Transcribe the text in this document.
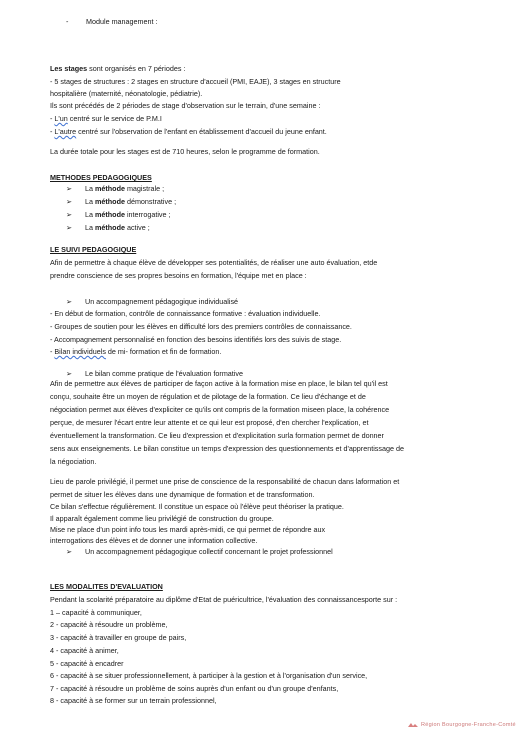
- Module management :
Les stages sont organisés en 7 périodes :
- 5 stages de structures : 2 stages en structure d'accueil (PMI, EAJE), 3 stages en structure
hospitalière (maternité, néonatologie, pédiatrie).
Ils sont précédés de 2 périodes de stage d'observation sur le terrain, d'une semaine :
- L'un centré sur le service de P.M.I
- L'autre centré sur l'observation de l'enfant en établissement d'accueil du jeune enfant.
La durée totale pour les stages est de 710 heures, selon le programme de formation.
METHODES PEDAGOGIQUES
➢ La méthode magistrale ;
➢ La méthode démonstrative ;
➢ La méthode interrogative ;
➢ La méthode active ;
LE SUIVI PEDAGOGIQUE
Afin de permettre à chaque élève de développer ses potentialités, de réaliser une auto évaluation, etde
prendre conscience de ses propres besoins en formation, l'équipe met en place :
➢ Un accompagnement pédagogique individualisé
- En début de formation, contrôle de connaissance formative : évaluation individuelle.
- Groupes de soutien pour les élèves en difficulté lors des premiers contrôles de connaissance.
- Accompagnement personnalisé en fonction des besoins identifiés lors des suivis de stage.
- Bilan individuels de mi- formation et fin de formation.
➢ Le bilan comme pratique de l'évaluation formative
Afin de permettre aux élèves de participer de façon active à la formation mise en place, le bilan tel qu'il est
conçu, souhaite être un moyen de régulation et de pilotage de la formation. Ce lieu d'échange et de
négociation permet aux élèves d'expliciter ce qu'ils ont compris de la formation miseen place, la cohérence
perçue, de mesurer l'écart entre leur attente et ce qui leur est proposé, d'en chercher l'explication, et
éventuellement la transformation. Ce lieu d'expression et d'explicitation surla formation permet de donner
sens aux enseignements. Le bilan constitue un temps d'expression des questionnements et d'apprentissage de
la négociation.
Lieu de parole privilégié, il permet une prise de conscience de la responsabilité de chacun dans laformation et
permet de situer les élèves dans une dynamique de formation et de transformation.
Ce bilan s'effectue régulièrement. Il constitue un espace où l'élève peut théoriser la pratique.
Il apparaît également comme lieu privilégié de construction du groupe.
Mise ne place d'un point info tous les mardi après-midi, ce qui permet de répondre aux
interrogations des élèves et de donner une information collective.
➢ Un accompagnement pédagogique collectif concernant le projet professionnel
LES MODALITES D'EVALUATION
Pendant la scolarité préparatoire au diplôme d'Etat de puéricultrice, l'évaluation des connaissancesporte sur :
1 – capacité à communiquer,
2 - capacité à résoudre un problème,
3 - capacité à travailler en groupe de pairs,
4 - capacité à animer,
5 - capacité à encadrer
6 - capacité à se situer professionnellement, à participer à la gestion et à l'organisation d'un service,
7 - capacité à résoudre un problème de soins auprès d'un enfant ou d'un groupe d'enfants,
8 - capacité à se former sur un terrain professionnel,
Région Bourgogne-Franche-Comté
